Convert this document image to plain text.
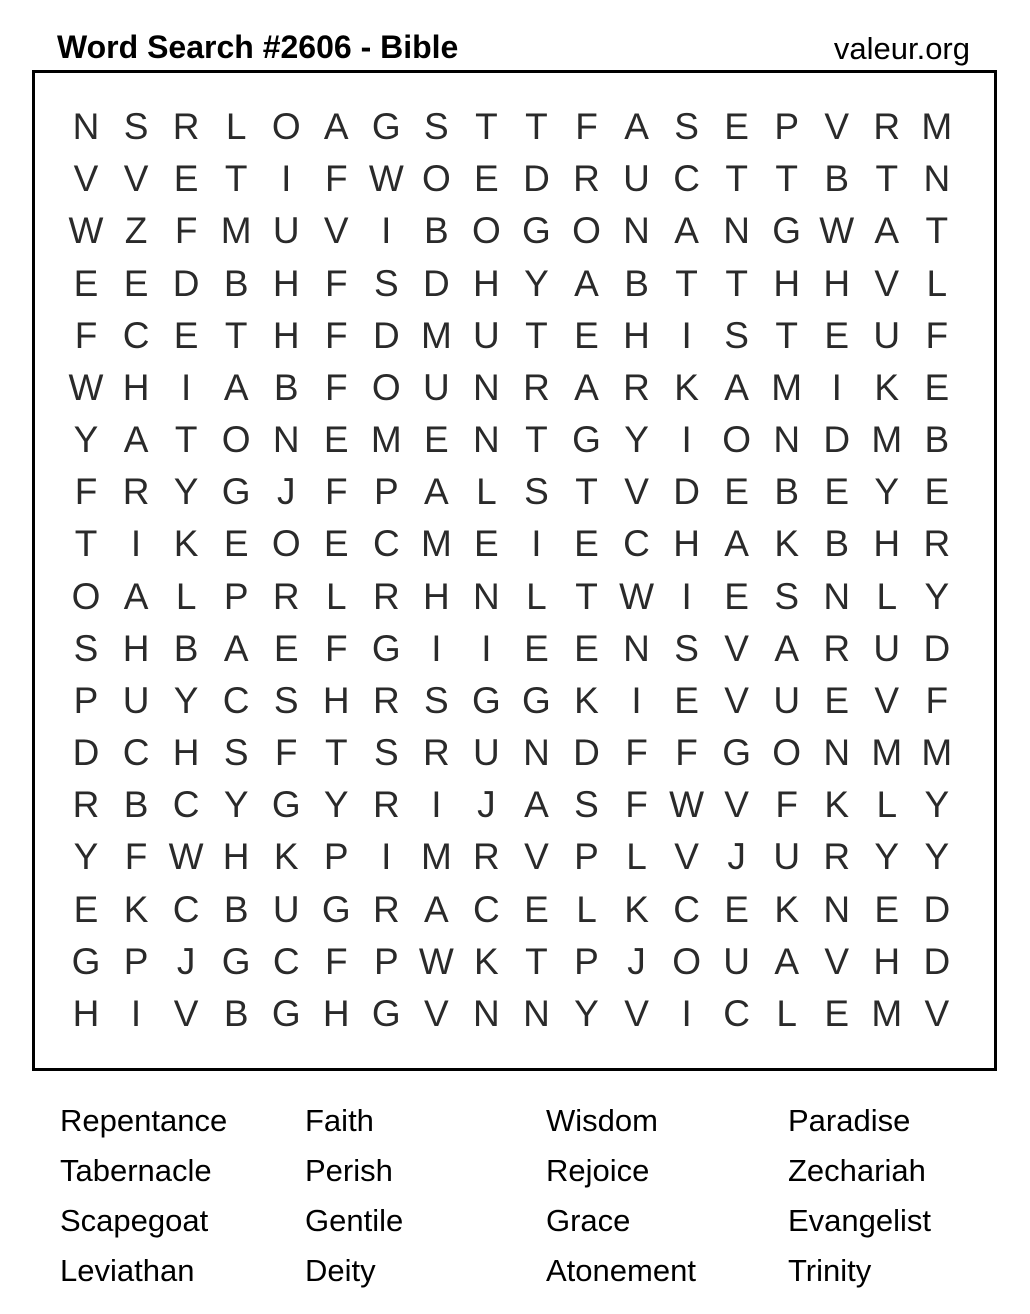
Word Search #2606 - Bible	valeur.org
N S R L O A G S T T F A S E P V R M
V V E T I F W O E D R U C T T B T N
W Z F M U V I B O G O N A N G W A T
E E D B H F S D H Y A B T T H H V L
F C E T H F D M U T E H I S T E U F
W H I A B F O U N R A R K A M I K E
Y A T O N E M E N T G Y I O N D M B
F R Y G J F P A L S T V D E B E Y E
T I K E O E C M E I E C H A K B H R
O A L P R L R H N L T W I E S N L Y
S H B A E F G I	I E E N S V A R U D
P U Y C S H R S G G K I E V U E V F
D C H S F T S R U N D F F G O N M M
R B C Y G Y R I J A S F W V F K L Y
Y F W H K P I M R V P L V J U R Y Y
E K C B U G R A C E L K C E K N E D
G P J G C F P W K T P J O U A V H D
H I V B G H G V N N Y V I C L E M V
Repentance	Faith	Wisdom	Paradise
Tabernacle	Perish	Rejoice	Zechariah
Scapegoat	Gentile	Grace	Evangelist
Leviathan	Deity	Atonement	Trinity
